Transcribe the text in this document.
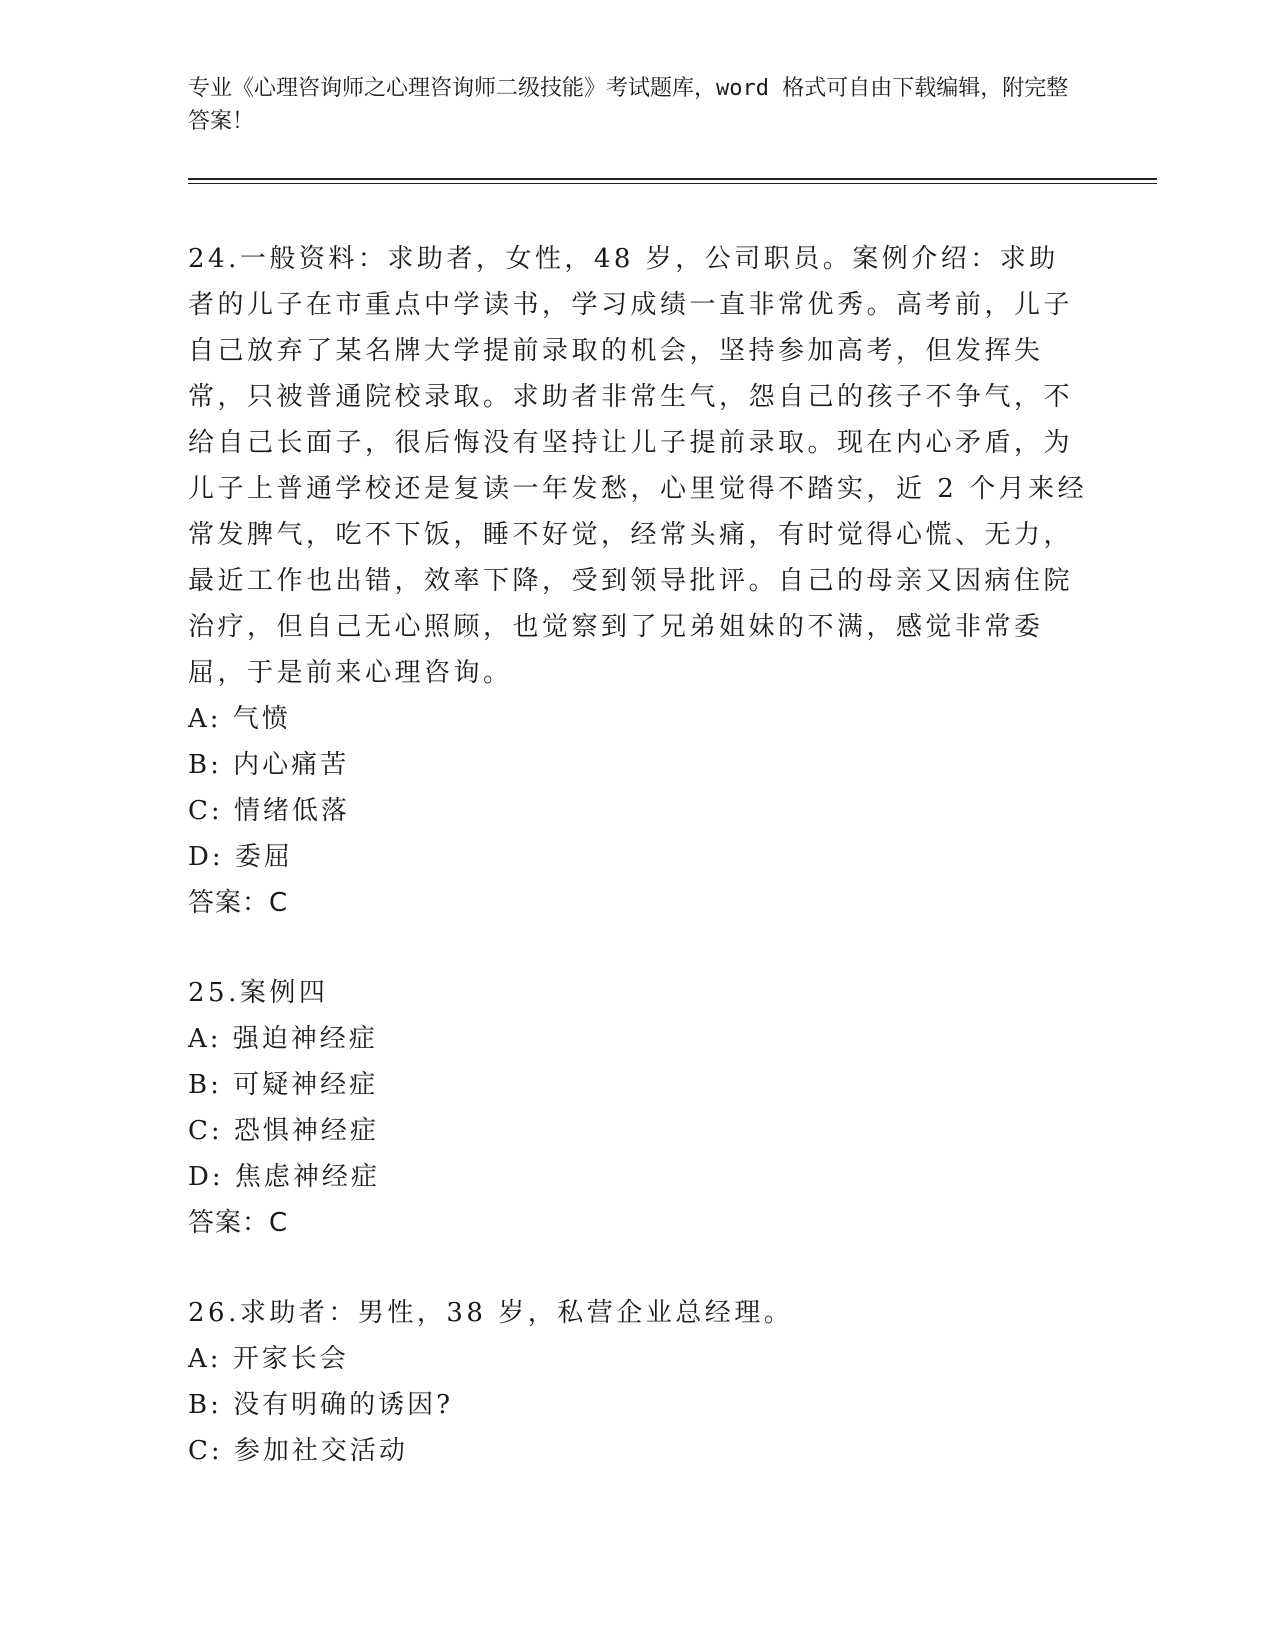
专业《心理咨询师之心理咨询师二级技能》考试题库，word 格式可自由下载编辑，附完整答案！

24.一般资料：求助者，女性，48 岁，公司职员。案例介绍：求助者的儿子在市重点中学读书，学习成绩一直非常优秀。高考前，儿子自己放弃了某名牌大学提前录取的机会，坚持参加高考，但发挥失常，只被普通院校录取。求助者非常生气，怨自己的孩子不争气，不给自己长面子，很后悔没有坚持让儿子提前录取。现在内心矛盾，为儿子上普通学校还是复读一年发愁，心里觉得不踏实，近 2 个月来经常发脾气，吃不下饭，睡不好觉，经常头痛，有时觉得心慌、无力，最近工作也出错，效率下降，受到领导批评。自己的母亲又因病住院治疗，但自己无心照顾，也觉察到了兄弟姐妹的不满，感觉非常委屈，于是前来心理咨询。

A: 气愤

B: 内心痛苦

C: 情绪低落

D: 委屈

答案：C

25.案例四

A: 强迫神经症

B: 可疑神经症

C: 恐惧神经症

D: 焦虑神经症

答案：C

26.求助者：男性，38 岁，私营企业总经理。

A: 开家长会

B: 没有明确的诱因?

C: 参加社交活动
